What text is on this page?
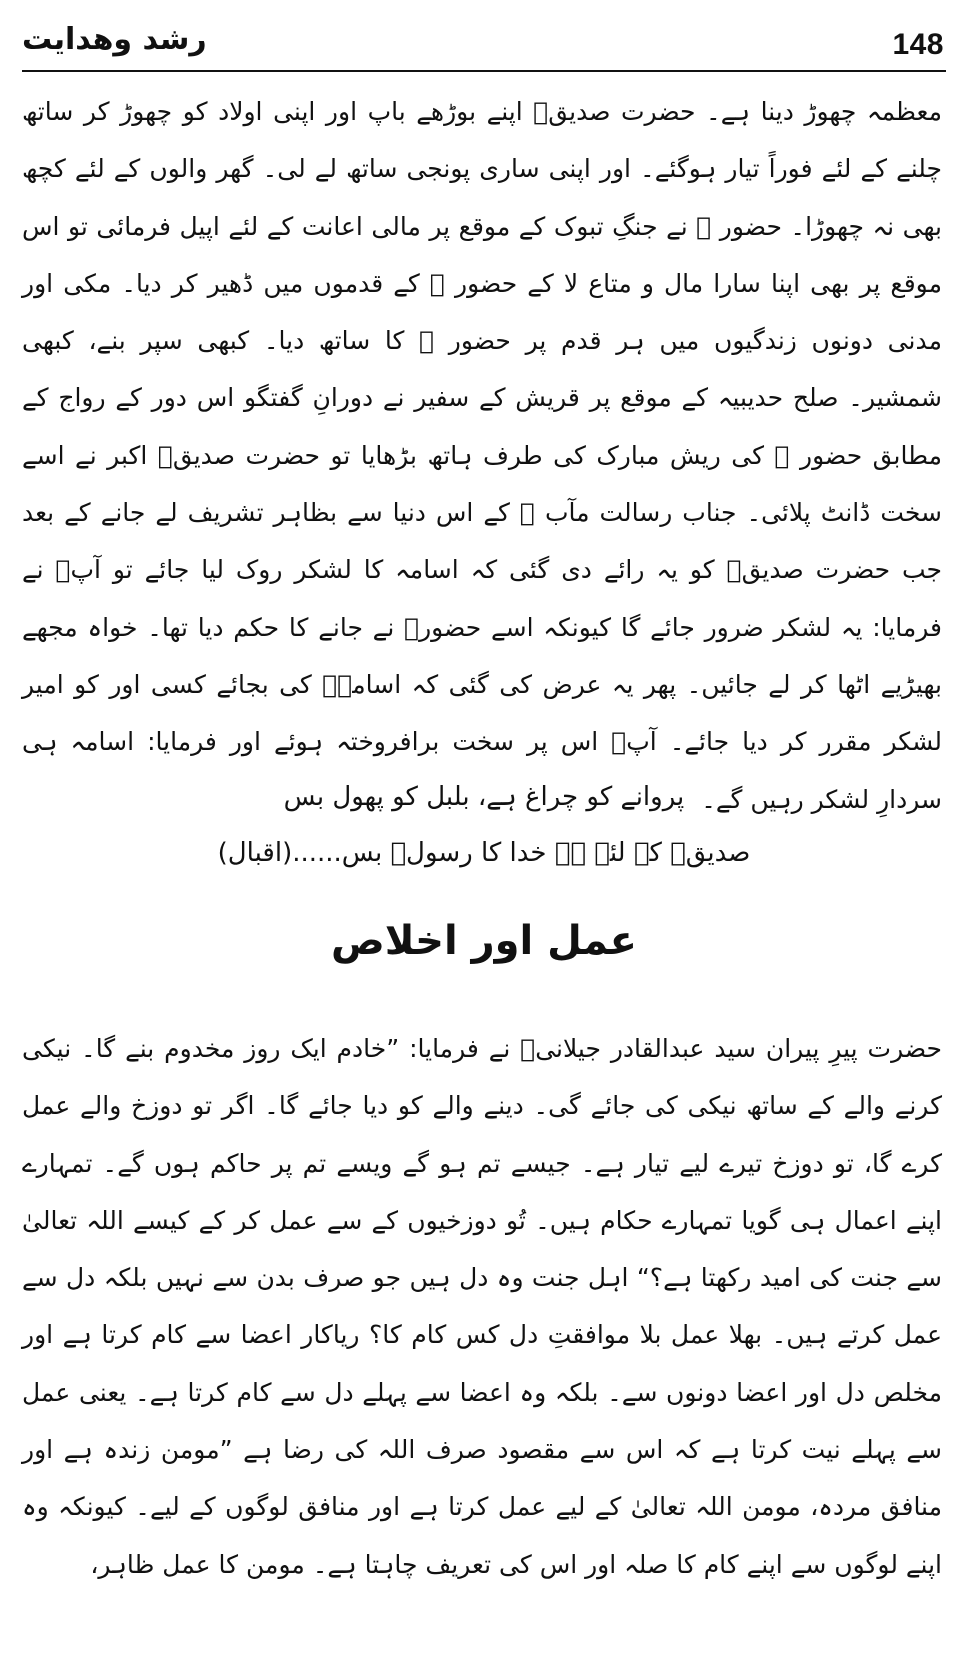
148
رشد وھدایت

معظمہ چھوڑ دینا ہے۔ حضرت صدیقؓ اپنے بوڑھے باپ اور اپنی اولاد کو چھوڑ کر ساتھ چلنے کے لئے فوراً تیار ہوگئے۔ اور اپنی ساری پونجی ساتھ لے لی۔ گھر والوں کے لئے کچھ بھی نہ چھوڑا۔ حضور ﷺ نے جنگِ تبوک کے موقع پر مالی اعانت کے لئے اپیل فرمائی تو اس موقع پر بھی اپنا سارا مال و متاع لا کے حضور ﷺ کے قدموں میں ڈھیر کر دیا۔ مکی اور مدنی دونوں زندگیوں میں ہر قدم پر حضور ﷺ کا ساتھ دیا۔ کبھی سپر بنے، کبھی شمشیر۔ صلح حدیبیہ کے موقع پر قریش کے سفیر نے دورانِ گفتگو اس دور کے رواج کے مطابق حضور ﷺ کی ریش مبارک کی طرف ہاتھ بڑھایا تو حضرت صدیقؓ اکبر نے اسے سخت ڈانٹ پلائی۔ جناب رسالت مآب ﷺ کے اس دنیا سے بظاہر تشریف لے جانے کے بعد جب حضرت صدیقؓ کو یہ رائے دی گئی کہ اسامہ کا لشکر روک لیا جائے تو آپؓ نے فرمایا: یہ لشکر ضرور جائے گا کیونکہ اسے حضورؐ نے جانے کا حکم دیا تھا۔ خواہ مجھے بھیڑیے اٹھا کر لے جائیں۔ پھر یہ عرض کی گئی کہ اسامہؓ کی بجائے کسی اور کو امیر لشکر مقرر کر دیا جائے۔ آپؓ اس پر سخت برافروختہ ہوئے اور فرمایا: اسامہ ہی سردارِ لشکر رہیں گے۔

پروانے کو چراغ ہے، بلبل کو پھول بس

صدیقؓ کے لئے ہے خدا کا رسولؐ بس......(اقبال)

عمل اور اخلاص

حضرت پیرِ پیران سید عبدالقادر جیلانیؒ نے فرمایا: ”خادم ایک روز مخدوم بنے گا۔ نیکی کرنے والے کے ساتھ نیکی کی جائے گی۔ دینے والے کو دیا جائے گا۔ اگر تو دوزخ والے عمل کرے گا، تو دوزخ تیرے لیے تیار ہے۔ جیسے تم ہو گے ویسے تم پر حاکم ہوں گے۔ تمہارے اپنے اعمال ہی گویا تمہارے حکام ہیں۔ تُو دوزخیوں کے سے عمل کر کے کیسے اللہ تعالیٰ سے جنت کی امید رکھتا ہے؟“ اہل جنت وہ دل ہیں جو صرف بدن سے نہیں بلکہ دل سے عمل کرتے ہیں۔ بھلا عمل بلا موافقتِ دل کس کام کا؟ ریاکار اعضا سے کام کرتا ہے اور مخلص دل اور اعضا دونوں سے۔ بلکہ وہ اعضا سے پہلے دل سے کام کرتا ہے۔ یعنی عمل سے پہلے نیت کرتا ہے کہ اس سے مقصود صرف اللہ کی رضا ہے ”مومن زندہ ہے اور منافق مردہ، مومن اللہ تعالیٰ کے لیے عمل کرتا ہے اور منافق لوگوں کے لیے۔ کیونکہ وہ اپنے لوگوں سے اپنے کام کا صلہ اور اس کی تعریف چاہتا ہے۔ مومن کا عمل ظاہر،
